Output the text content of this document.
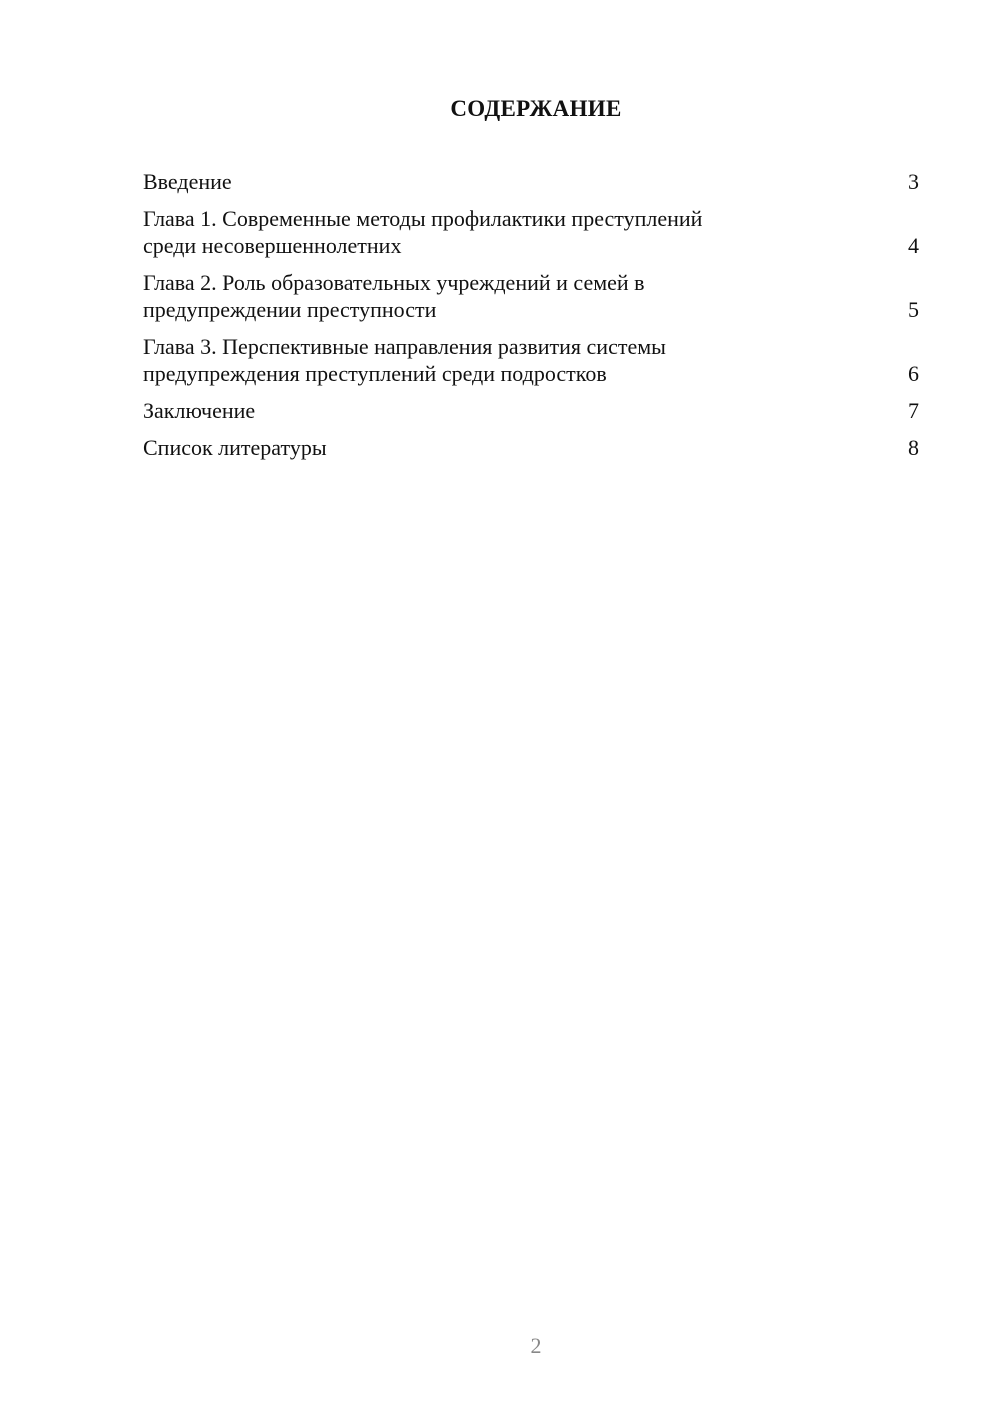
СОДЕРЖАНИЕ
Введение	3
Глава 1. Современные методы профилактики преступлений
среди несовершеннолетних	4
Глава 2. Роль образовательных учреждений и семей в
предупреждении преступности	5
Глава 3. Перспективные направления развития системы
предупреждения преступлений среди подростков	6
Заключение	7
Список литературы	8
2
